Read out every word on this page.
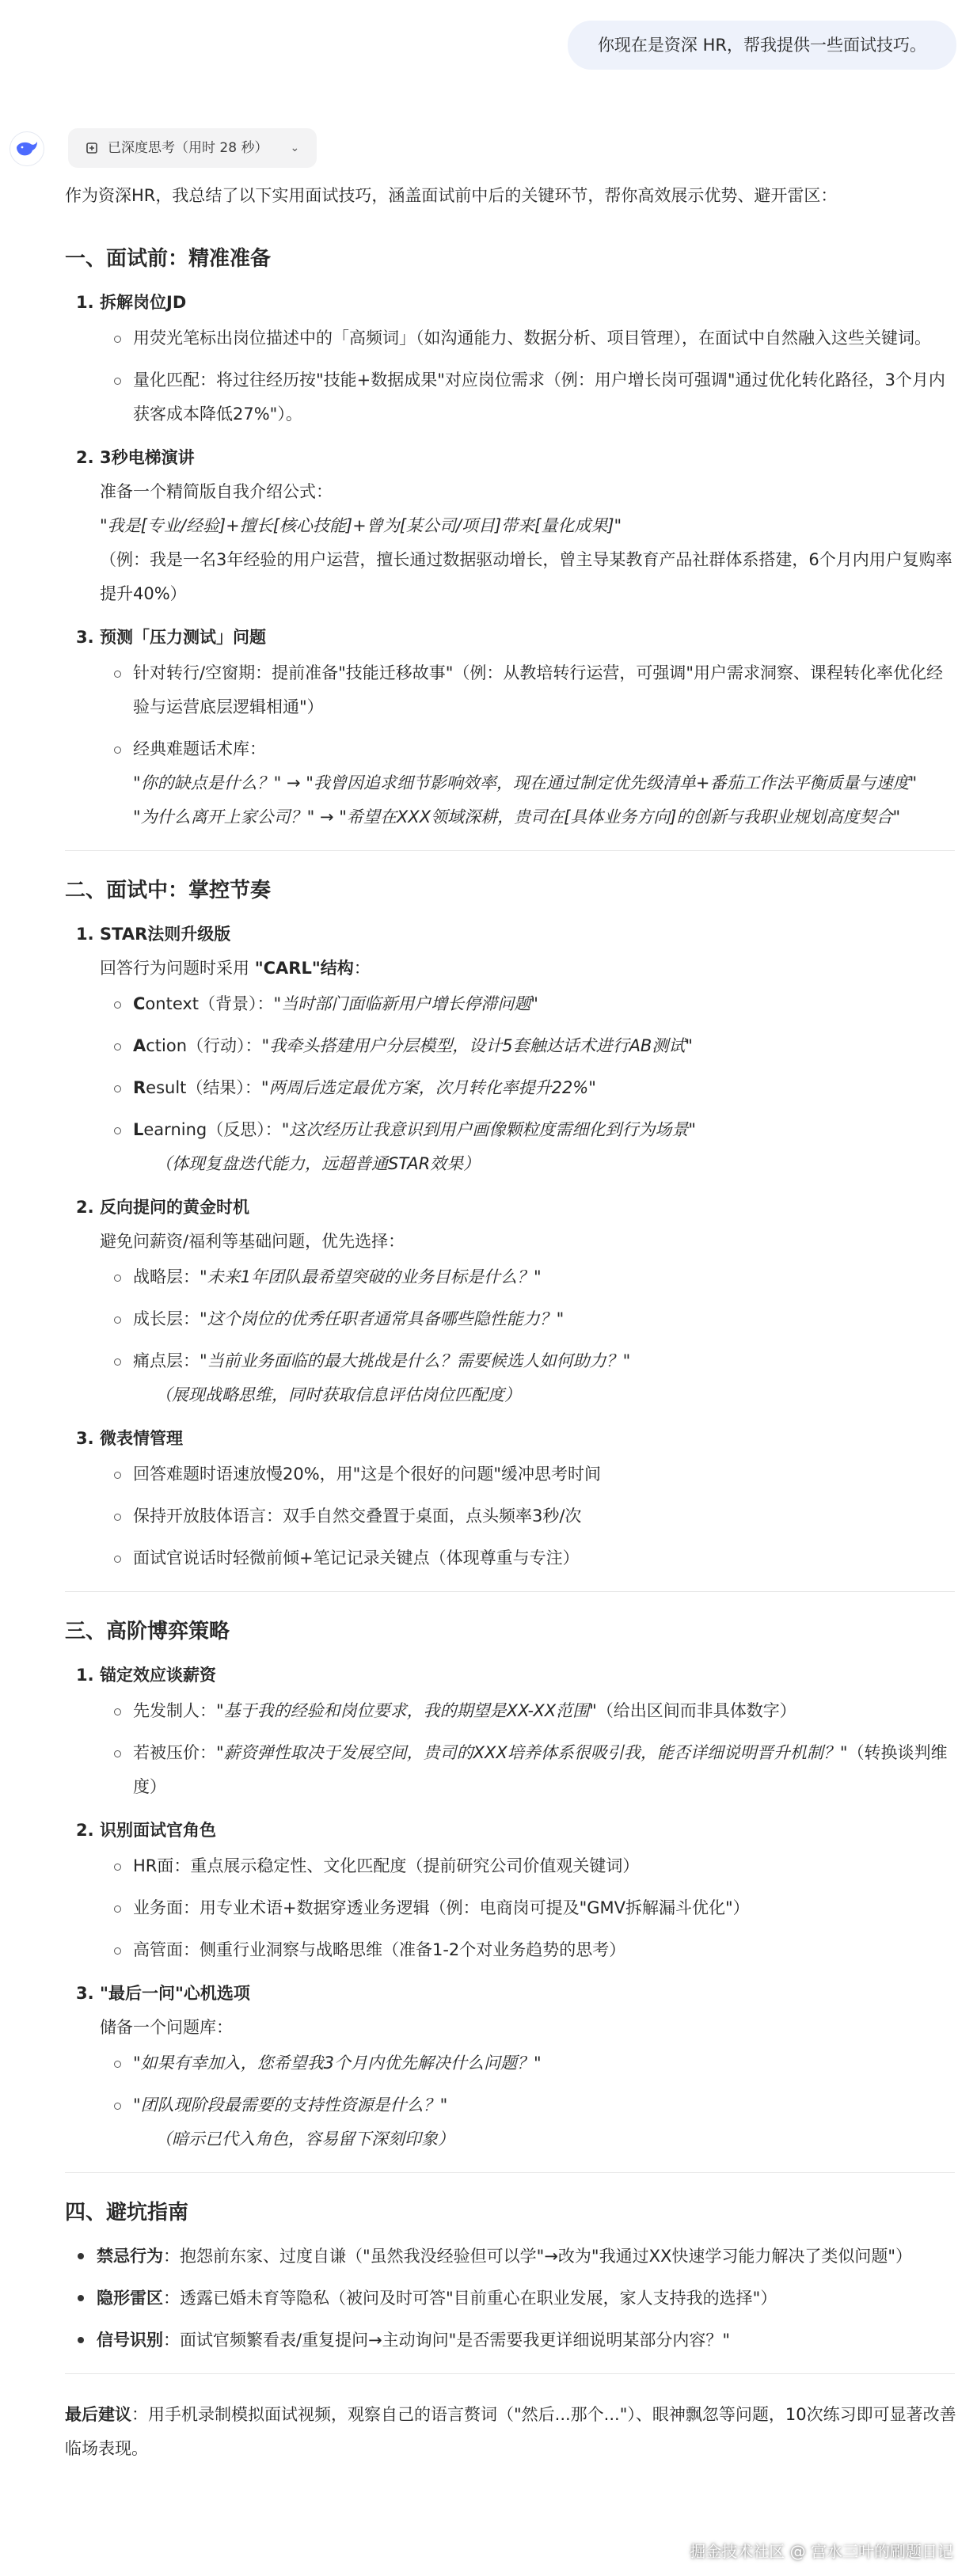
你现在是资深 HR，帮我提供一些面试技巧。
已深度思考（用时 28 秒） ⌄

作为资深HR，我总结了以下实用面试技巧，涵盖面试前中后的关键环节，帮你高效展示优势、避开雷区：

一、面试前：精准准备
1. 拆解岗位JD
用荧光笔标出岗位描述中的「高频词」（如沟通能力、数据分析、项目管理），在面试中自然融入这些关键词。
量化匹配：将过往经历按"技能+数据成果"对应岗位需求（例：用户增长岗可强调"通过优化转化路径，3个月内获客成本降低27%"）。
2. 3秒电梯演讲
准备一个精简版自我介绍公式：
"我是[专业/经验]+擅长[核心技能]+曾为[某公司/项目]带来[量化成果]"
（例：我是一名3年经验的用户运营，擅长通过数据驱动增长，曾主导某教育产品社群体系搭建，6个月内用户复购率提升40%）
3. 预测「压力测试」问题
针对转行/空窗期：提前准备"技能迁移故事"（例：从教培转行运营，可强调"用户需求洞察、课程转化率优化经验与运营底层逻辑相通"）
经典难题话术库：
"你的缺点是什么？" → "我曾因追求细节影响效率，现在通过制定优先级清单+番茄工作法平衡质量与速度"
"为什么离开上家公司？" → "希望在XXX领域深耕，贵司在[具体业务方向]的创新与我职业规划高度契合"
二、面试中：掌控节奏
1. STAR法则升级版
回答行为问题时采用 "CARL"结构：
Context（背景）："当时部门面临新用户增长停滞问题"
Action（行动）："我牵头搭建用户分层模型，设计5套触达话术进行AB测试"
Result（结果）："两周后选定最优方案，次月转化率提升22%"
Learning（反思）："这次经历让我意识到用户画像颗粒度需细化到行为场景"
（体现复盘迭代能力，远超普通STAR效果）
2. 反向提问的黄金时机
避免问薪资/福利等基础问题，优先选择：
战略层："未来1年团队最希望突破的业务目标是什么？"
成长层："这个岗位的优秀任职者通常具备哪些隐性能力？"
痛点层："当前业务面临的最大挑战是什么？需要候选人如何助力？"
（展现战略思维，同时获取信息评估岗位匹配度）
3. 微表情管理
回答难题时语速放慢20%，用"这是个很好的问题"缓冲思考时间
保持开放肢体语言：双手自然交叠置于桌面，点头频率3秒/次
面试官说话时轻微前倾+笔记记录关键点（体现尊重与专注）
三、高阶博弈策略
1. 锚定效应谈薪资
先发制人："基于我的经验和岗位要求，我的期望是XX-XX范围"（给出区间而非具体数字）
若被压价："薪资弹性取决于发展空间，贵司的XXX培养体系很吸引我，能否详细说明晋升机制？"（转换谈判维度）
2. 识别面试官角色
HR面：重点展示稳定性、文化匹配度（提前研究公司价值观关键词）
业务面：用专业术语+数据穿透业务逻辑（例：电商岗可提及"GMV拆解漏斗优化"）
高管面：侧重行业洞察与战略思维（准备1-2个对业务趋势的思考）
3. "最后一问"心机选项
储备一个问题库：
"如果有幸加入，您希望我3个月内优先解决什么问题？"
"团队现阶段最需要的支持性资源是什么？"
（暗示已代入角色，容易留下深刻印象）
四、避坑指南
禁忌行为：抱怨前东家、过度自谦（"虽然我没经验但可以学"→改为"我通过XX快速学习能力解决了类似问题"）
隐形雷区：透露已婚未育等隐私（被问及时可答"目前重心在职业发展，家人支持我的选择"）
信号识别：面试官频繁看表/重复提问→主动询问"是否需要我更详细说明某部分内容？"

最后建议：用手机录制模拟面试视频，观察自己的语言赘词（"然后...那个..."）、眼神飘忽等问题，10次练习即可显著改善临场表现。

掘金技术社区 @ 宫水三叶的刷题日记
